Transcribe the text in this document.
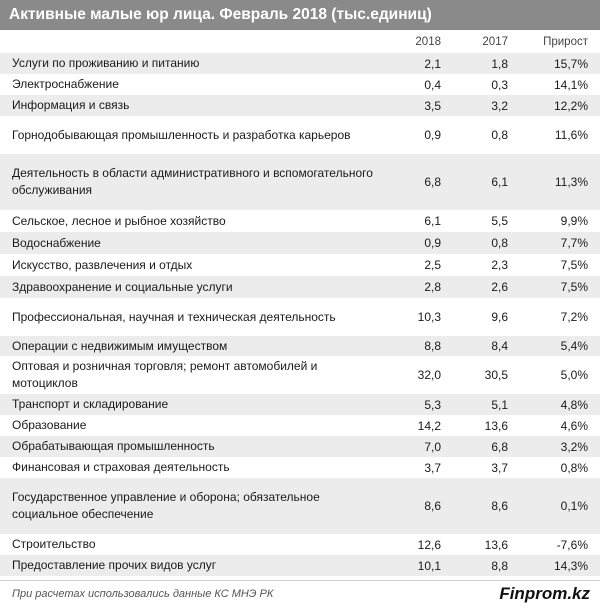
Активные малые юр лица. Февраль 2018 (тыс.единиц)
	2018	2017	Прирост
Услуги по проживанию и питанию	2,1	1,8	15,7%
Электроснабжение	0,4	0,3	14,1%
Информация и связь	3,5	3,2	12,2%
Горнодобывающая промышленность и разработка карьеров	0,9	0,8	11,6%
Деятельность в области административного и вспомогательного обслуживания	6,8	6,1	11,3%
Сельское, лесное и рыбное хозяйство	6,1	5,5	9,9%
Водоснабжение	0,9	0,8	7,7%
Искусство, развлечения и отдых	2,5	2,3	7,5%
Здравоохранение и социальные услуги	2,8	2,6	7,5%
Профессиональная, научная и техническая деятельность	10,3	9,6	7,2%
Операции с недвижимым имуществом	8,8	8,4	5,4%
Оптовая и розничная торговля; ремонт автомобилей и мотоциклов	32,0	30,5	5,0%
Транспорт и складирование	5,3	5,1	4,8%
Образование	14,2	13,6	4,6%
Обрабатывающая промышленность	7,0	6,8	3,2%
Финансовая и страховая деятельность	3,7	3,7	0,8%
Государственное управление и оборона; обязательное социальное обеспечение	8,6	8,6	0,1%
Строительство	12,6	13,6	-7,6%
Предоставление прочих видов услуг	10,1	8,8	14,3%
При расчетах использовались данные КС МНЭ РК	Finprom.kz
